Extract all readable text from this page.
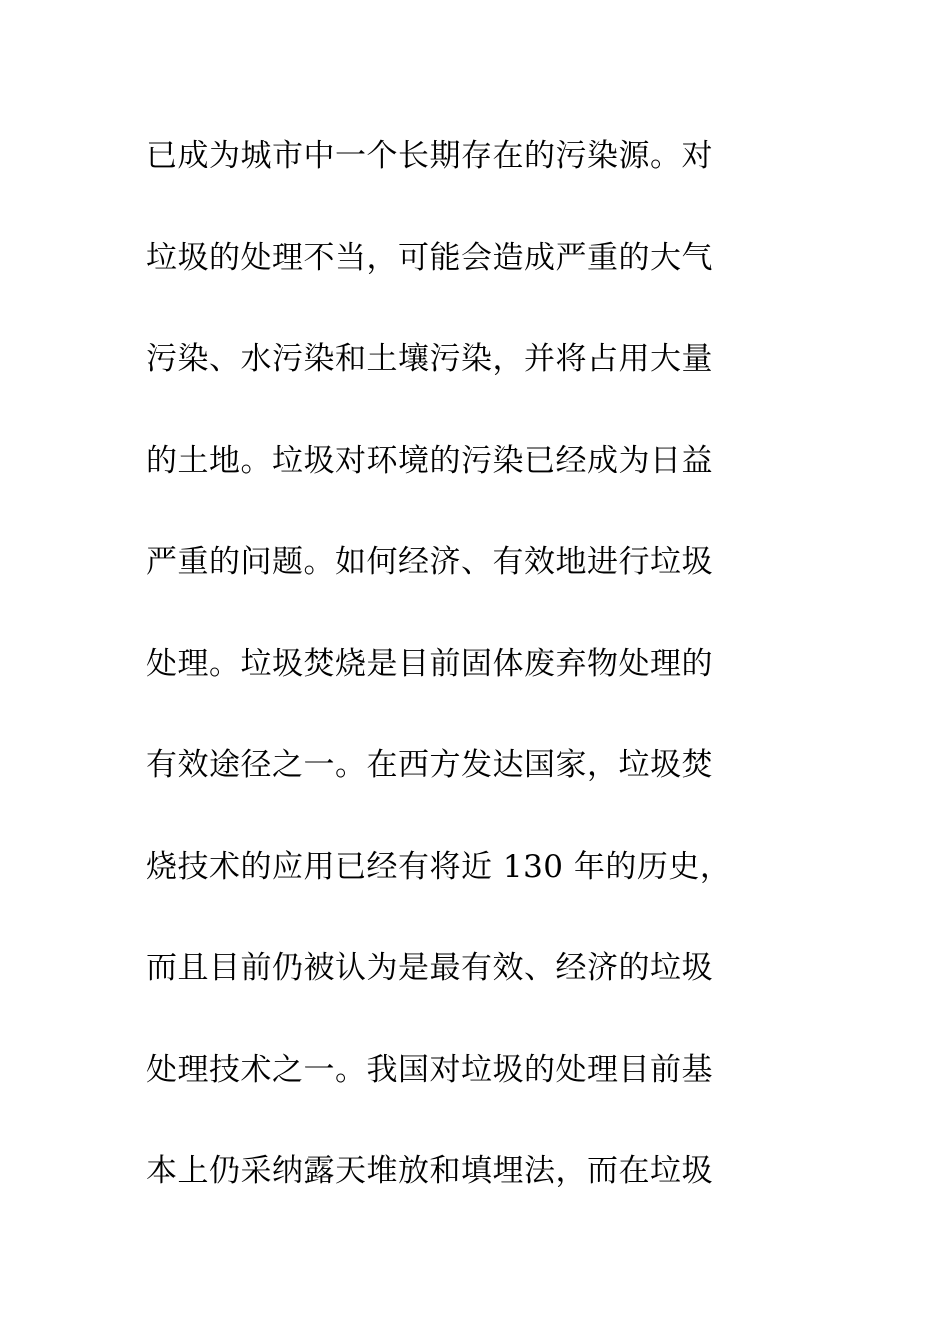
已成为城市中一个长期存在的污染源。对
垃圾的处理不当，可能会造成严重的大气
污染、水污染和土壤污染，并将占用大量
的土地。垃圾对环境的污染已经成为日益
严重的问题。如何经济、有效地进行垃圾
处理。垃圾焚烧是目前固体废弃物处理的
有效途径之一。在西方发达国家，垃圾焚
烧技术的应用已经有将近 130 年的历史，
而且目前仍被认为是最有效、经济的垃圾
处理技术之一。我国对垃圾的处理目前基
本上仍采纳露天堆放和填埋法，而在垃圾
